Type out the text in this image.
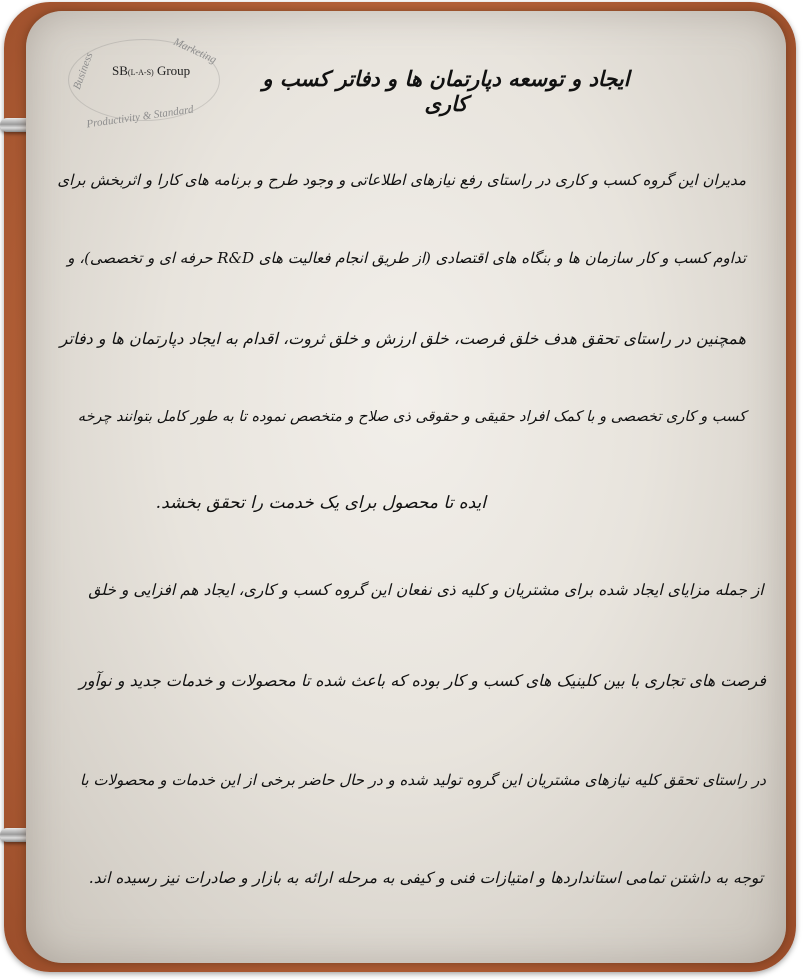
SB(L-A-S) Group
Business
Productivity & Standard
Marketing
ایجاد و توسعه دپارتمان ها و دفاتر کسب و کاری
مدیران این گروه کسب و کاری در راستای رفع نیازهای اطلاعاتی و وجود طرح و برنامه های کارا و اثربخش برای
تداوم کسب و کار سازمان ها و بنگاه های اقتصادی (از طریق انجام فعالیت های R&D حرفه ای و تخصصی)، و
همچنین در راستای تحقق هدف خلق فرصت، خلق ارزش و خلق ثروت، اقدام به ایجاد دپارتمان ها و دفاتر
کسب و کاری تخصصی و با کمک افراد حقیقی و حقوقی ذی صلاح و متخصص نموده تا به طور کامل بتوانند چرخه
ایده تا محصول برای یک خدمت را تحقق بخشد.
از جمله مزایای ایجاد شده برای مشتریان و کلیه ذی نفعان این گروه کسب و کاری، ایجاد هم افزایی و خلق
فرصت های تجاری با بین کلینیک های کسب و کار بوده که باعث شده تا محصولات و خدمات جدید و نوآور
در راستای تحقق کلیه نیازهای مشتریان این گروه تولید شده و در حال حاضر برخی از این خدمات و محصولات با
توجه به داشتن تمامی استانداردها و امتیازات فنی و کیفی به مرحله ارائه به بازار و صادرات نیز رسیده اند.
